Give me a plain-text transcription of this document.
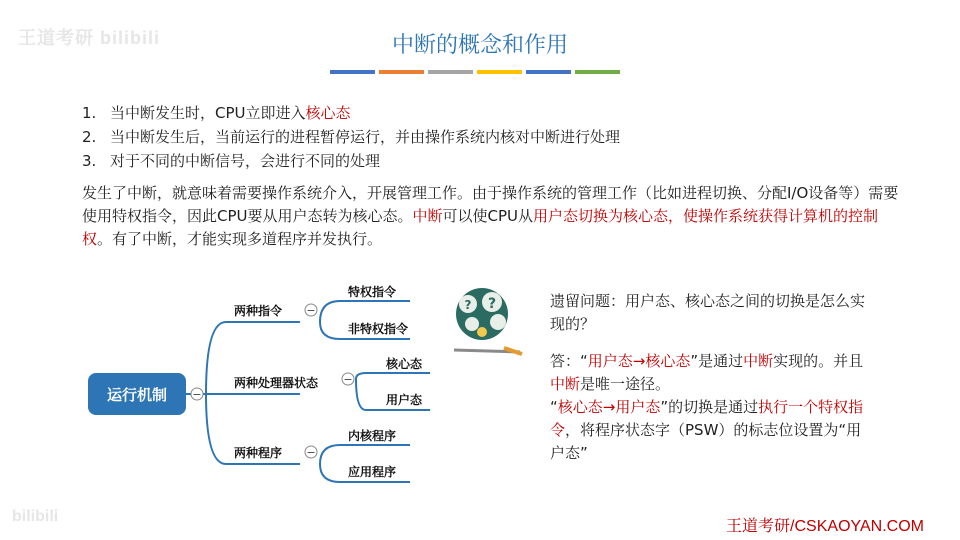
王道考研 bilibili
bilibili
中断的概念和作用
1. 当中断发生时，CPU立即进入核心态
2. 当中断发生后，当前运行的进程暂停运行，并由操作系统内核对中断进行处理
3. 对于不同的中断信号，会进行不同的处理
发生了中断，就意味着需要操作系统介入，开展管理工作。由于操作系统的管理工作（比如进程切换、分配I/O设备等）需要使用特权指令，因此CPU要从用户态转为核心态。中断可以使CPU从用户态切换为核心态，使操作系统获得计算机的控制权。有了中断，才能实现多道程序并发执行。
运行机制
两种指令
两种处理器状态
两种程序
特权指令
非特权指令
核心态
用户态
内核程序
应用程序
−
−
−
−
? ?	遗留问题：用户态、核心态之间的切换是怎么实现的？

答：“用户态→核心态”是通过中断实现的。并且中断是唯一途径。

“核心态→用户态”的切换是通过执行一个特权指令，将程序状态字（PSW）的标志位设置为“用户态”

王道考研/CSKAOYAN.COM
